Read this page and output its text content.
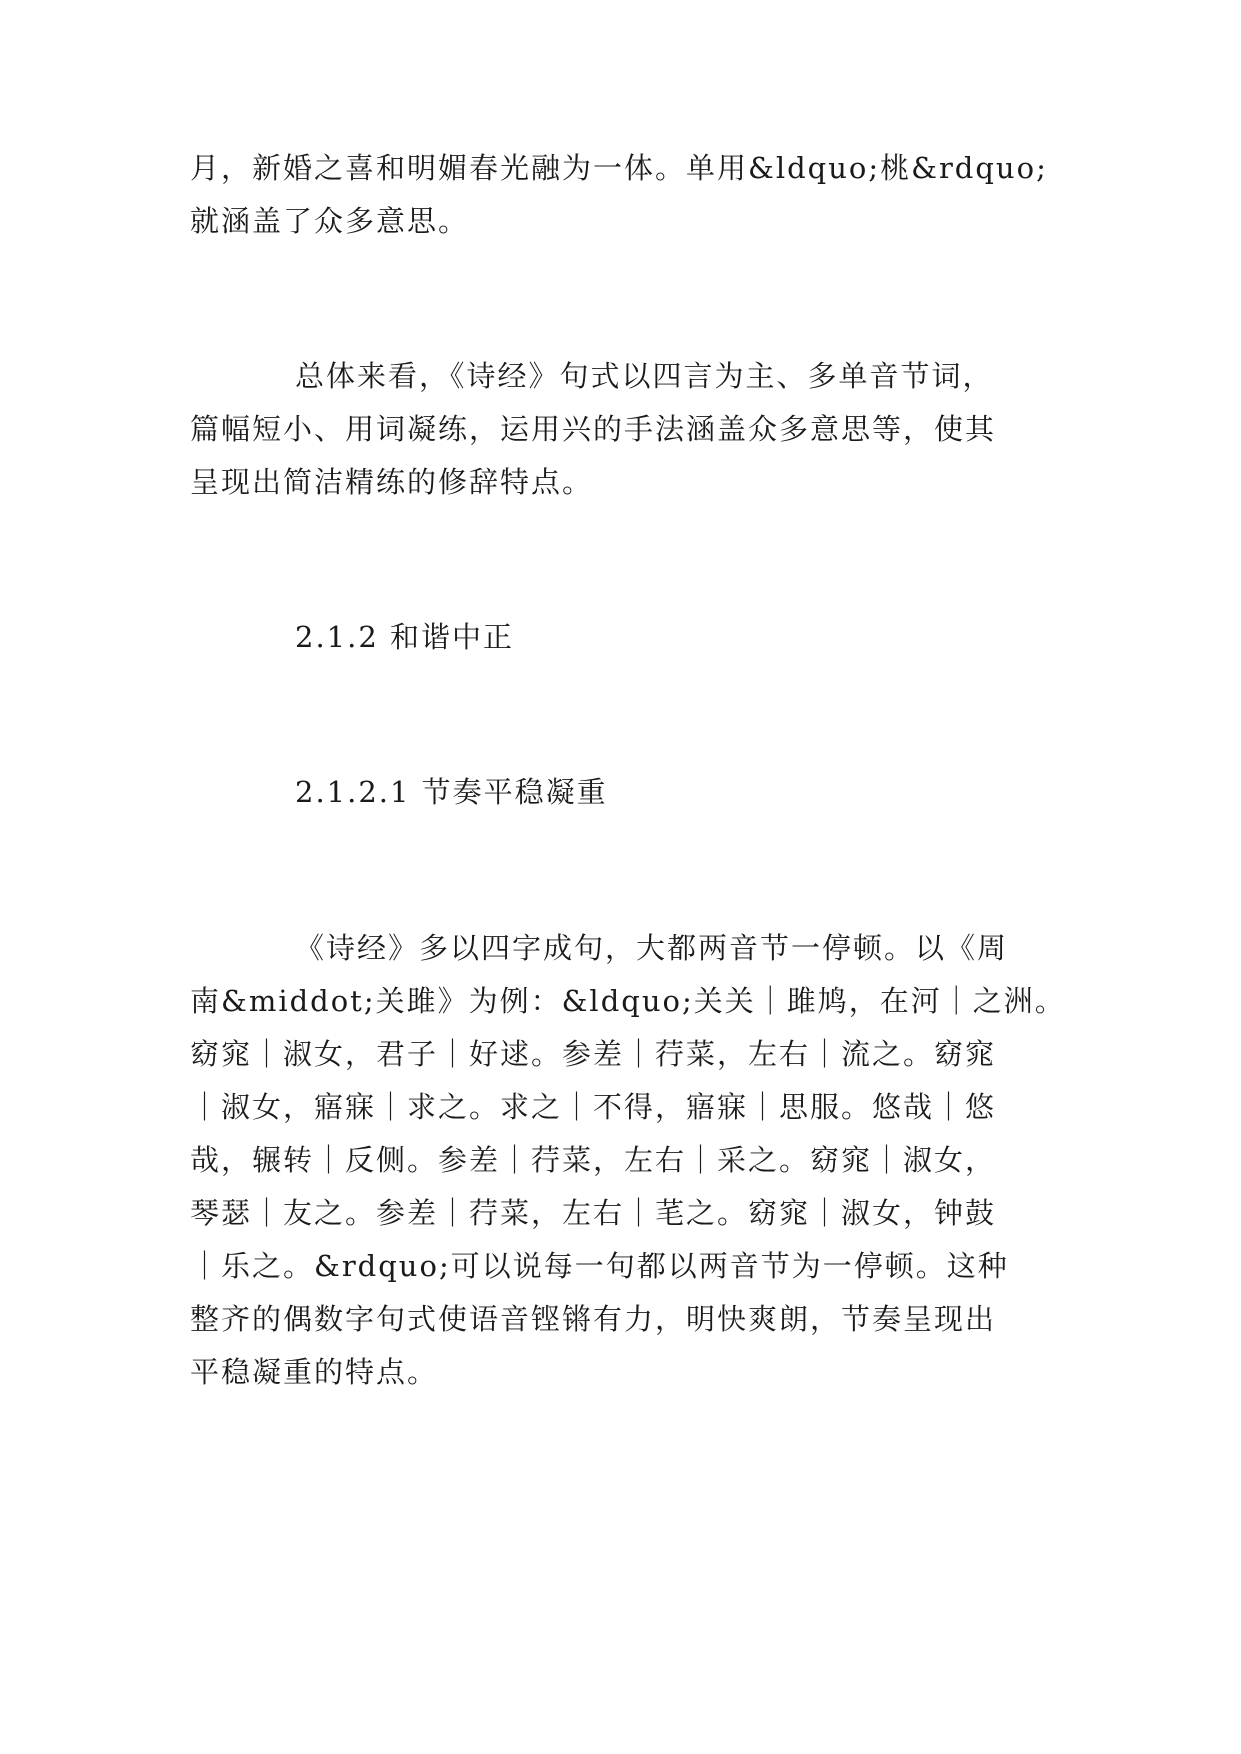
月，新婚之喜和明媚春光融为一体。单用&ldquo;桃&rdquo;
就涵盖了众多意思。
总体来看，《诗经》句式以四言为主、多单音节词，
篇幅短小、用词凝练，运用兴的手法涵盖众多意思等，使其
呈现出简洁精练的修辞特点。
2.1.2 和谐中正
2.1.2.1 节奏平稳凝重
《诗经》多以四字成句，大都两音节一停顿。以《周
南&middot;关雎》为例：&ldquo;关关｜雎鸠，在河｜之洲。
窈窕｜淑女，君子｜好逑。参差｜荇菜，左右｜流之。窈窕
｜淑女，寤寐｜求之。求之｜不得，寤寐｜思服。悠哉｜悠
哉，辗转｜反侧。参差｜荇菜，左右｜采之。窈窕｜淑女，
琴瑟｜友之。参差｜荇菜，左右｜芼之。窈窕｜淑女，钟鼓
｜乐之。&rdquo;可以说每一句都以两音节为一停顿。这种
整齐的偶数字句式使语音铿锵有力，明快爽朗，节奏呈现出
平稳凝重的特点。
